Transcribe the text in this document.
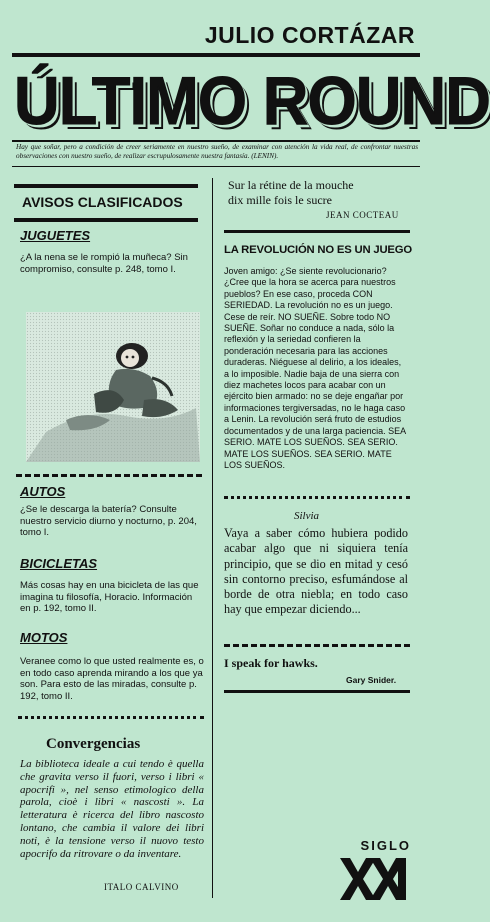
JULIO CORTÁZAR
ÚLTIMO ROUND
Hay que soñar, pero a condición de creer seriamente en nuestro sueño, de examinar con atención la vida real, de confrontar nuestras observaciones con nuestro sueño, de realizar escrupulosamente nuestra fantasía. (LENIN).
AVISOS CLASIFICADOS
JUGUETES
¿A la nena se le rompió la muñeca? Sin compromiso, consulte p. 248, tomo I.
AUTOS
¿Se le descarga la batería? Consulte nuestro servicio diurno y nocturno, p. 204, tomo I.
BICICLETAS
Más cosas hay en una bicicleta de las que imagina tu filosofía, Horacio. Información en p. 192, tomo II.
MOTOS
Veranee como lo que usted realmente es, o en todo caso aprenda mirando a los que ya son. Para esto de las miradas, consulte p. 192, tomo II.
Convergencias
La biblioteca ideale a cui tendo è quella che gravita verso il fuori, verso i libri « apocrifi », nel senso etimologico della parola, cioè i libri « nascosti ». La letteratura è ricerca del libro nascosto lontano, che cambia il valore dei libri noti, è la tensione verso il nuovo testo apocrifo da ritrovare o da inventare.
ITALO CALVINO
Sur la rétine de la mouche
dix mille fois le sucre
JEAN COCTEAU
LA REVOLUCIÓN NO ES UN JUEGO
Joven amigo: ¿Se siente revolucionario? ¿Cree que la hora se acerca para nuestros pueblos? En ese caso, proceda CON SERIEDAD. La revolución no es un juego. Cese de reír. NO SUEÑE. Sobre todo NO SUEÑE. Soñar no conduce a nada, sólo la reflexión y la seriedad confieren la ponderación necesaria para las acciones duraderas. Niéguese al delirio, a los ideales, a lo imposible. Nadie baja de una sierra con diez machetes locos para acabar con un ejército bien armado: no se deje engañar por informaciones tergiversadas, no le haga caso a Lenin. La revolución será fruto de estudios documentados y de una larga paciencia. SEA SERIO. MATE LOS SUEÑOS. SEA SERIO. MATE LOS SUEÑOS. SEA SERIO. MATE LOS SUEÑOS.
Silvia
Vaya a saber cómo hubiera podido acabar algo que ni siquiera tenía principio, que se dio en mitad y cesó sin contorno preciso, esfumándose al borde de otra niebla; en todo caso hay que empezar diciendo...
I speak for hawks.
Gary Snider.
SIGLO
